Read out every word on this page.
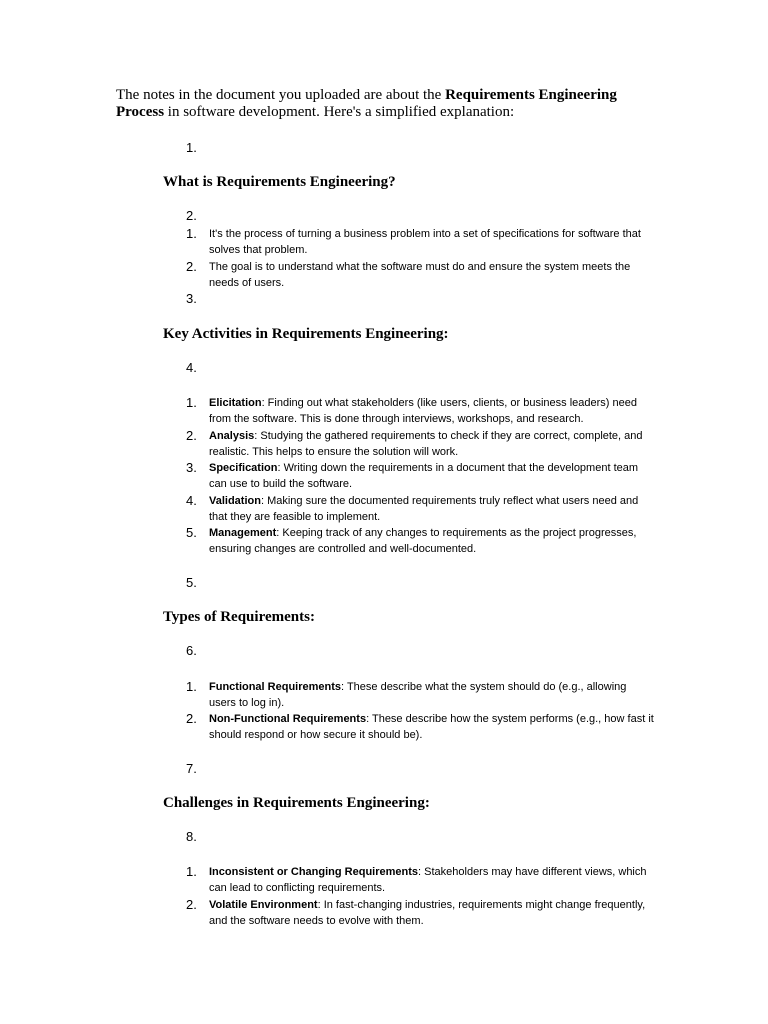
The notes in the document you uploaded are about the Requirements Engineering Process in software development. Here's a simplified explanation:
1.
What is Requirements Engineering?
2.
1.	It's the process of turning a business problem into a set of specifications for software that solves that problem.
2.	The goal is to understand what the software must do and ensure the system meets the needs of users.
3.
Key Activities in Requirements Engineering:
4.
1.	Elicitation: Finding out what stakeholders (like users, clients, or business leaders) need from the software. This is done through interviews, workshops, and research.
2.	Analysis: Studying the gathered requirements to check if they are correct, complete, and realistic. This helps to ensure the solution will work.
3.	Specification: Writing down the requirements in a document that the development team can use to build the software.
4.	Validation: Making sure the documented requirements truly reflect what users need and that they are feasible to implement.
5.	Management: Keeping track of any changes to requirements as the project progresses, ensuring changes are controlled and well-documented.
5.
Types of Requirements:
6.
1.	Functional Requirements: These describe what the system should do (e.g., allowing users to log in).
2.	Non-Functional Requirements: These describe how the system performs (e.g., how fast it should respond or how secure it should be).
7.
Challenges in Requirements Engineering:
8.
1.	Inconsistent or Changing Requirements: Stakeholders may have different views, which can lead to conflicting requirements.
2.	Volatile Environment: In fast-changing industries, requirements might change frequently, and the software needs to evolve with them.
